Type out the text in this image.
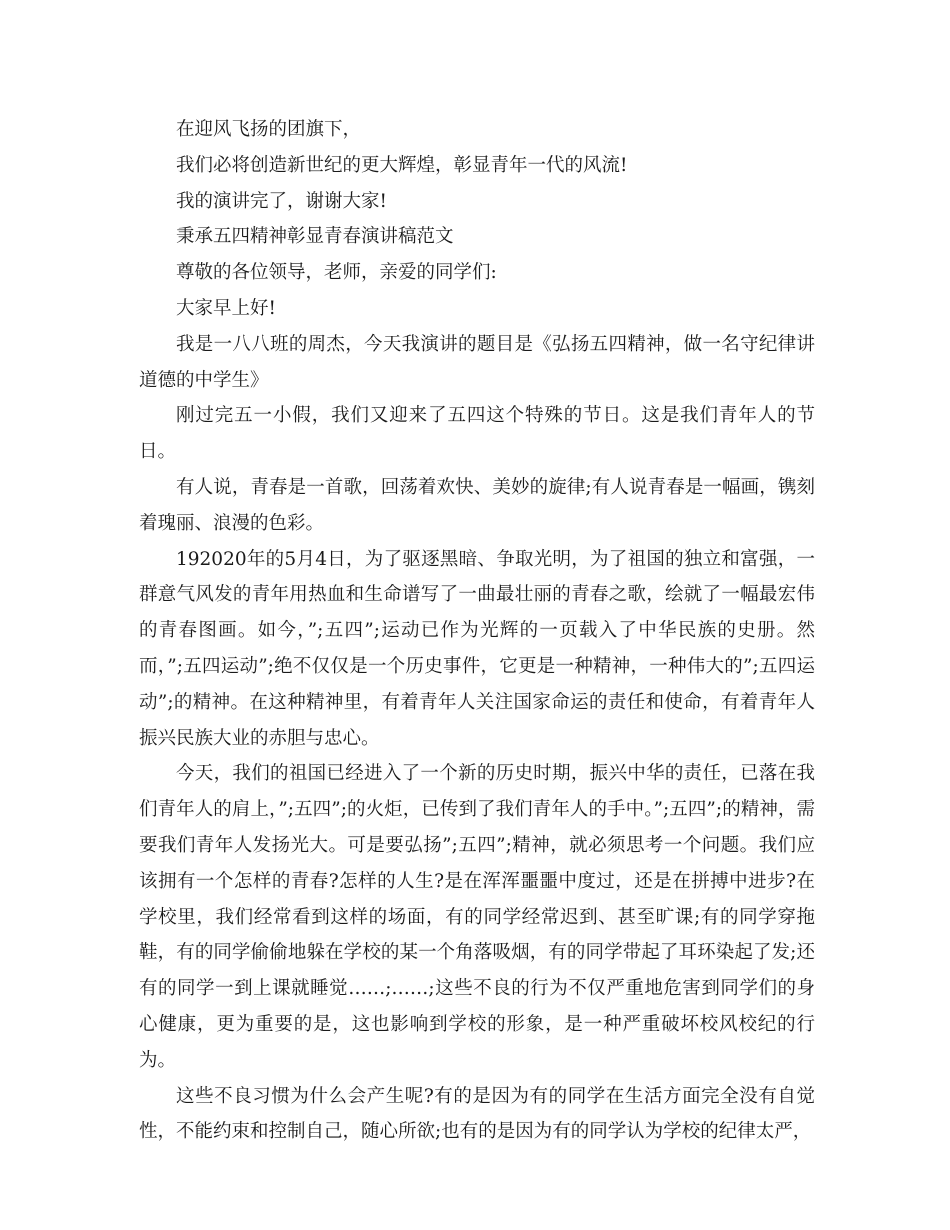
在迎风飞扬的团旗下，

我们必将创造新世纪的更大辉煌，彰显青年一代的风流!

我的演讲完了，谢谢大家!

秉承五四精神彰显青春演讲稿范文

尊敬的各位领导，老师，亲爱的同学们:

大家早上好!

我是一八八班的周杰，今天我演讲的题目是《弘扬五四精神，做一名守纪律讲道德的中学生》

刚过完五一小假，我们又迎来了五四这个特殊的节日。这是我们青年人的节日。

有人说，青春是一首歌，回荡着欢快、美妙的旋律;有人说青春是一幅画，镌刻着瑰丽、浪漫的色彩。

192020年的5月4日，为了驱逐黑暗、争取光明，为了祖国的独立和富强，一群意气风发的青年用热血和生命谱写了一曲最壮丽的青春之歌，绘就了一幅最宏伟的青春图画。如今，”;五四”;运动已作为光辉的一页载入了中华民族的史册。然而，”;五四运动”;绝不仅仅是一个历史事件，它更是一种精神，一种伟大的”;五四运动”;的精神。在这种精神里，有着青年人关注国家命运的责任和使命，有着青年人振兴民族大业的赤胆与忠心。

今天，我们的祖国已经进入了一个新的历史时期，振兴中华的责任，已落在我们青年人的肩上，”;五四”;的火炬，已传到了我们青年人的手中。”;五四”;的精神，需要我们青年人发扬光大。可是要弘扬”;五四”;精神，就必须思考一个问题。我们应该拥有一个怎样的青春?怎样的人生?是在浑浑噩噩中度过，还是在拼搏中进步?在学校里，我们经常看到这样的场面，有的同学经常迟到、甚至旷课;有的同学穿拖鞋，有的同学偷偷地躲在学校的某一个角落吸烟，有的同学带起了耳环染起了发;还有的同学一到上课就睡觉……;……;这些不良的行为不仅严重地危害到同学们的身心健康，更为重要的是，这也影响到学校的形象，是一种严重破坏校风校纪的行为。

这些不良习惯为什么会产生呢?有的是因为有的同学在生活方面完全没有自觉性，不能约束和控制自己，随心所欲;也有的是因为有的同学认为学校的纪律太严，
